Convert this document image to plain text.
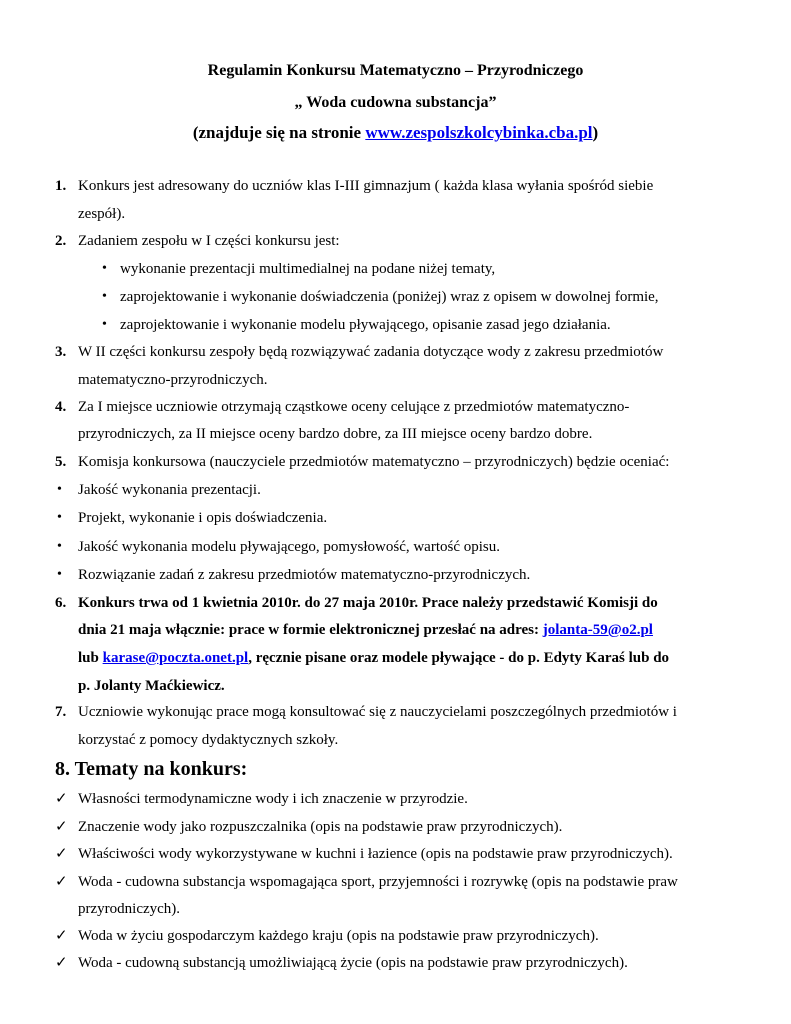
Regulamin Konkursu Matematyczno – Przyrodniczego
„ Woda cudowna substancja”
(znajduje się na stronie www.zespolszkolcybinka.cba.pl)
1. Konkurs jest adresowany do uczniów klas I-III gimnazjum ( każda klasa wyłania spośród siebie
zespół).
2. Zadaniem zespołu w I części konkursu jest:
• wykonanie prezentacji multimedialnej na podane niżej tematy,
• zaprojektowanie i wykonanie doświadczenia (poniżej) wraz z opisem w dowolnej formie,
• zaprojektowanie i wykonanie modelu pływającego, opisanie zasad jego działania.
3. W II części konkursu zespoły będą rozwiązywać zadania dotyczące wody z zakresu przedmiotów
matematyczno-przyrodniczych.
4. Za I miejsce uczniowie otrzymają cząstkowe oceny celujące z przedmiotów matematyczno-
przyrodniczych, za II miejsce oceny bardzo dobre, za III miejsce oceny bardzo dobre.
5. Komisja konkursowa (nauczyciele przedmiotów matematyczno – przyrodniczych) będzie oceniać:
• Jakość wykonania prezentacji.
• Projekt, wykonanie i opis doświadczenia.
• Jakość wykonania modelu pływającego, pomysłowość, wartość opisu.
• Rozwiązanie zadań z zakresu przedmiotów matematyczno-przyrodniczych.
6. Konkurs trwa od 1 kwietnia 2010r. do 27 maja 2010r. Prace należy przedstawić Komisji do
dnia 21 maja włącznie: prace w formie elektronicznej przesłać na adres: jolanta-59@o2.pl
lub karase@poczta.onet.pl, ręcznie pisane oraz modele pływające - do p. Edyty Karaś lub do
p. Jolanty Maćkiewicz.
7. Uczniowie wykonując prace mogą konsultować się z nauczycielami poszczególnych przedmiotów i
korzystać z pomocy dydaktycznych szkoły.
8. Tematy na konkurs:
✓ Własności termodynamiczne wody i ich znaczenie w przyrodzie.
✓ Znaczenie wody jako rozpuszczalnika (opis na podstawie praw przyrodniczych).
✓ Właściwości wody wykorzystywane w kuchni i łazience (opis na podstawie praw przyrodniczych).
✓ Woda - cudowna substancja wspomagająca sport, przyjemności i rozrywkę (opis na podstawie praw
przyrodniczych).
✓ Woda w życiu gospodarczym każdego kraju (opis na podstawie praw przyrodniczych).
✓ Woda - cudowną substancją umożliwiającą życie (opis na podstawie praw przyrodniczych).
